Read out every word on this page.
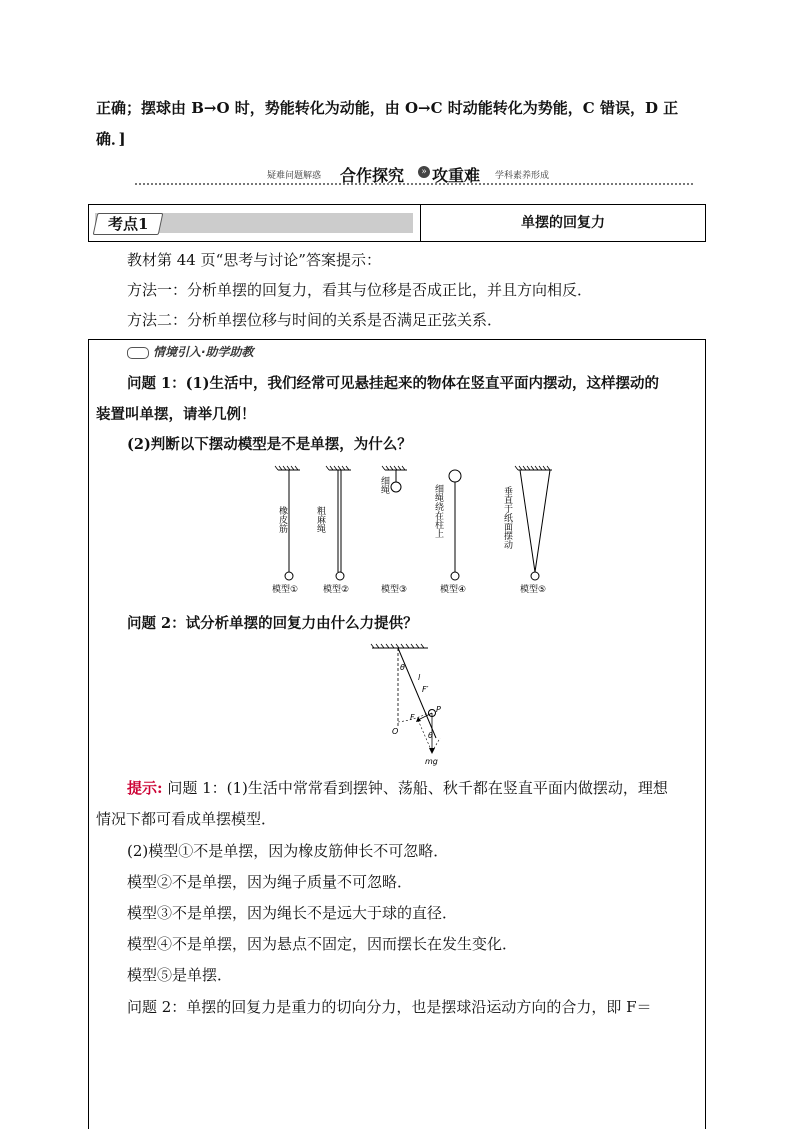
正确；摆球由 B→O 时，势能转化为动能，由 O→C 时动能转化为势能，C 错误，D 正
确．]
疑难问题解惑 合作探究	» 攻重难 学科素养形成
考点1	单摆的回复力
教材第 44 页“思考与讨论”答案提示：
方法一：分析单摆的回复力，看其与位移是否成正比，并且方向相反．
方法二：分析单摆位移与时间的关系是否满足正弦关系．
情境引入·助学助教
问题 1：(1)生活中，我们经常可见悬挂起来的物体在竖直平面内摆动，这样摆动的
装置叫单摆，请举几例！
(2)判断以下摆动模型是不是单摆，为什么？
橡皮筋
模型①
粗麻绳
模型②
细绳
模型③
细绳绕在柱上
模型④
垂直于纸面摆动
模型⑤
问题 2：试分析单摆的回复力由什么力提供？
θ
l
F′
F
P
O	θ
mg
提示: 问题 1：(1)生活中常常看到摆钟、荡船、秋千都在竖直平面内做摆动，理想
情况下都可看成单摆模型．
(2)模型①不是单摆，因为橡皮筋伸长不可忽略．
模型②不是单摆，因为绳子质量不可忽略．
模型③不是单摆，因为绳长不是远大于球的直径．
模型④不是单摆，因为悬点不固定，因而摆长在发生变化．
模型⑤是单摆．
问题 2：单摆的回复力是重力的切向分力，也是摆球沿运动方向的合力，即 F＝
